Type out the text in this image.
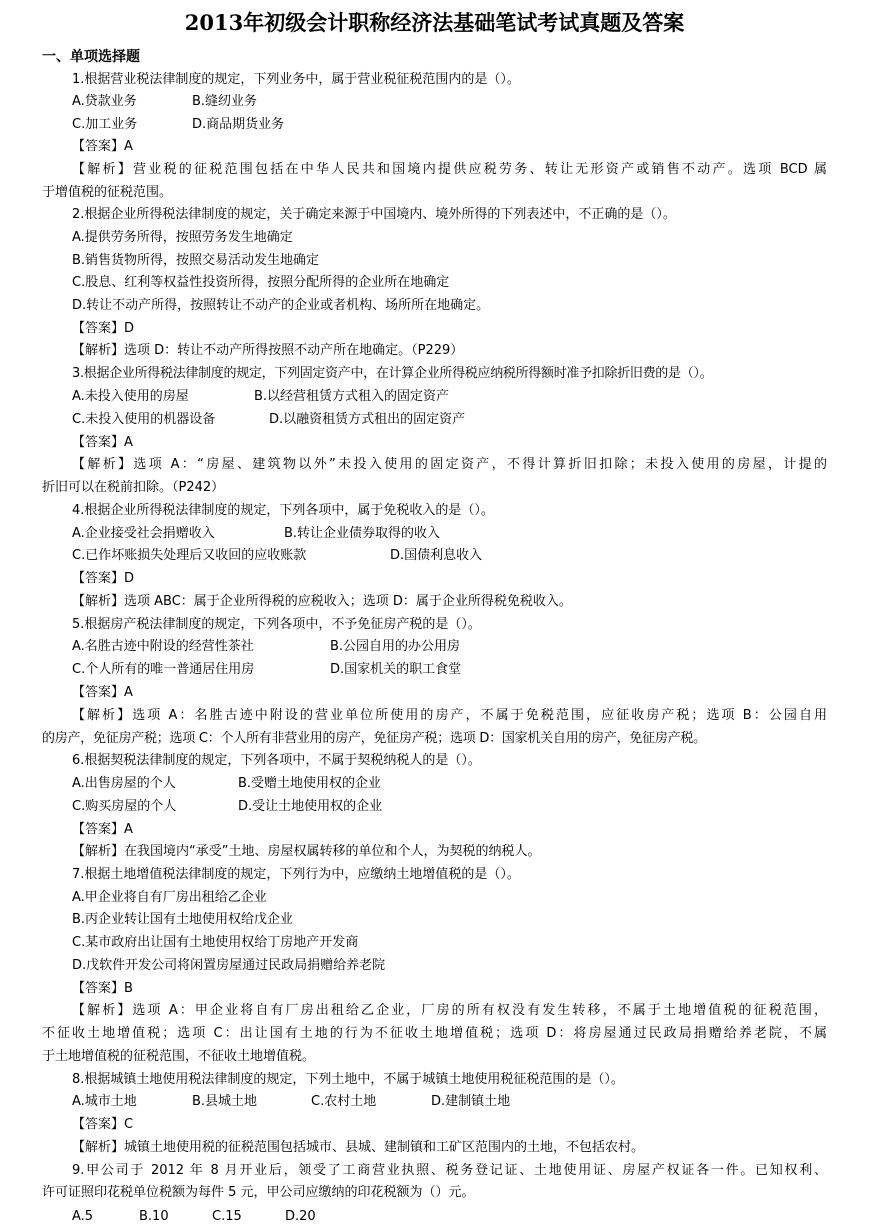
2013年初级会计职称经济法基础笔试考试真题及答案
一、单项选择题
1.根据营业税法律制度的规定，下列业务中，属于营业税征税范围内的是（）。
A.贷款业务	B.缝纫业务
C.加工业务	D.商品期货业务
【答案】A
【解析】营业税的征税范围包括在中华人民共和国境内提供应税劳务、转让无形资产或销售不动产。选项 BCD 属
于增值税的征税范围。
2.根据企业所得税法律制度的规定，关于确定来源于中国境内、境外所得的下列表述中，不正确的是（）。
A.提供劳务所得，按照劳务发生地确定
B.销售货物所得，按照交易活动发生地确定
C.股息、红利等权益性投资所得，按照分配所得的企业所在地确定
D.转让不动产所得，按照转让不动产的企业或者机构、场所所在地确定。
【答案】D
【解析】选项 D：转让不动产所得按照不动产所在地确定。（P229）
3.根据企业所得税法律制度的规定，下列固定资产中，在计算企业所得税应纳税所得额时准予扣除折旧费的是（）。
A.未投入使用的房屋	B.以经营租赁方式租入的固定资产
C.未投入使用的机器设备	D.以融资租赁方式租出的固定资产
【答案】A
【解析】选项 A：“房屋、建筑物以外”未投入使用的固定资产，不得计算折旧扣除；未投入使用的房屋，计提的
折旧可以在税前扣除。（P242）
4.根据企业所得税法律制度的规定，下列各项中，属于免税收入的是（）。
A.企业接受社会捐赠收入	B.转让企业债券取得的收入
C.已作坏账损失处理后又收回的应收账款	D.国债利息收入
【答案】D
【解析】选项 ABC：属于企业所得税的应税收入；选项 D：属于企业所得税免税收入。
5.根据房产税法律制度的规定，下列各项中，不予免征房产税的是（）。
A.名胜古迹中附设的经营性茶社	B.公园自用的办公用房
C.个人所有的唯一普通居住用房	D.国家机关的职工食堂
【答案】A
【解析】选项 A：名胜古迹中附设的营业单位所使用的房产，不属于免税范围，应征收房产税；选项 B：公园自用
的房产，免征房产税；选项 C：个人所有非营业用的房产，免征房产税；选项 D：国家机关自用的房产，免征房产税。
6.根据契税法律制度的规定，下列各项中，不属于契税纳税人的是（）。
A.出售房屋的个人	B.受赠土地使用权的企业
C.购买房屋的个人	D.受让土地使用权的企业
【答案】A
【解析】在我国境内“承受”土地、房屋权属转移的单位和个人，为契税的纳税人。
7.根据土地增值税法律制度的规定，下列行为中，应缴纳土地增值税的是（）。
A.甲企业将自有厂房出租给乙企业
B.丙企业转让国有土地使用权给戊企业
C.某市政府出让国有土地使用权给丁房地产开发商
D.戊软件开发公司将闲置房屋通过民政局捐赠给养老院
【答案】B
【解析】选项 A：甲企业将自有厂房出租给乙企业，厂房的所有权没有发生转移，不属于土地增值税的征税范围，
不征收土地增值税；选项 C：出让国有土地的行为不征收土地增值税；选项 D：将房屋通过民政局捐赠给养老院，不属
于土地增值税的征税范围，不征收土地增值税。
8.根据城镇土地使用税法律制度的规定，下列土地中，不属于城镇土地使用税征税范围的是（）。
A.城市土地	B.县城土地	C.农村土地	D.建制镇土地
【答案】C
【解析】城镇土地使用税的征税范围包括城市、县城、建制镇和工矿区范围内的土地，不包括农村。
9.甲公司于 2012 年 8 月开业后，领受了工商营业执照、税务登记证、土地使用证、房屋产权证各一件。已知权利、
许可证照印花税单位税额为每件 5 元，甲公司应缴纳的印花税额为（）元。
A.5	B.10	C.15	D.20
